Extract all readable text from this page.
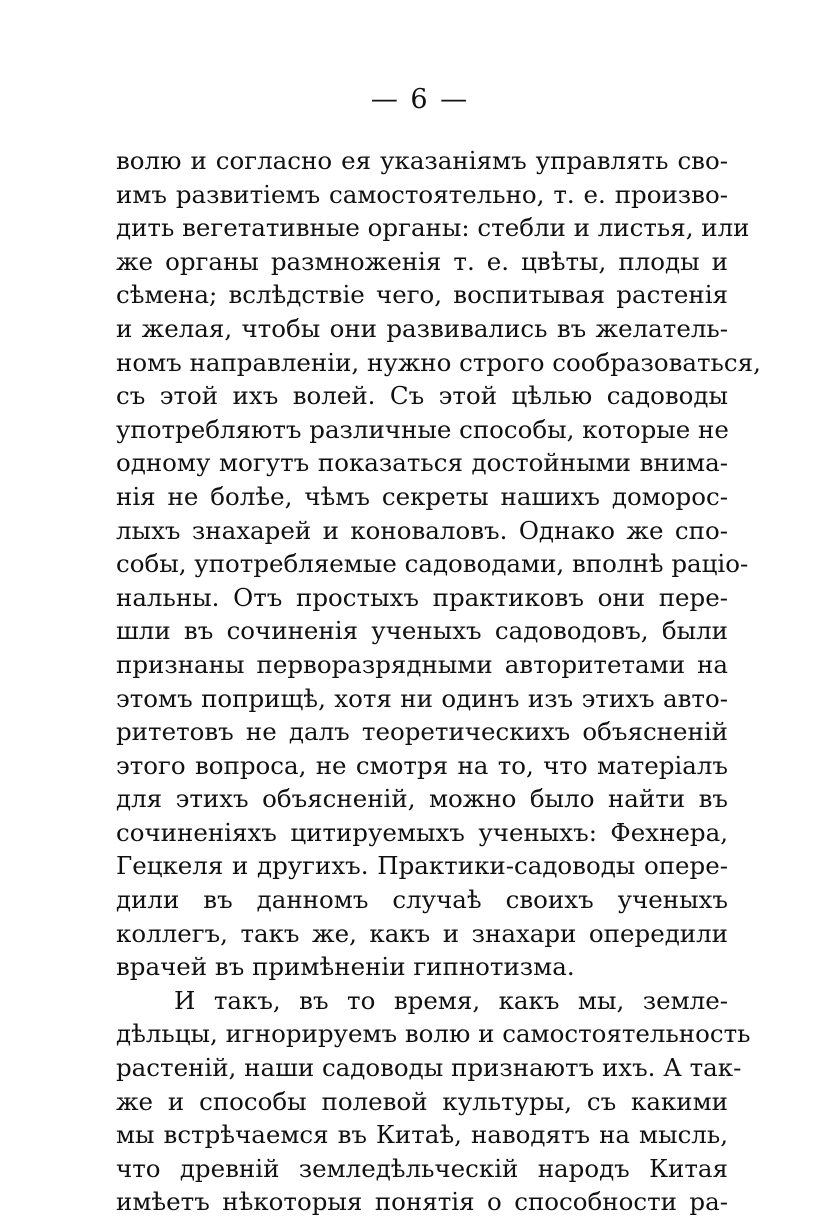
— 6 —
волю и согласно ея указаніямъ управлять сво-
имъ развитіемъ самостоятельно, т. е. произво-
дить вегетативные органы: стебли и листья, или
же органы размноженія т. е. цвѣты, плоды и
сѣмена; вслѣдствіе чего, воспитывая растенія
и желая, чтобы они развивались въ желатель-
номъ направленіи, нужно строго сообразоваться,
съ этой ихъ волей. Съ этой цѣлью садоводы
употребляютъ различные способы, которые не
одному могутъ показаться достойными внима-
нія не болѣе, чѣмъ секреты нашихъ доморос-
лыхъ знахарей и коноваловъ. Однако же спо-
собы, употребляемые садоводами, вполнѣ раціо-
нальны. Отъ простыхъ практиковъ они пере-
шли въ сочиненія ученыхъ садоводовъ, были
признаны перворазрядными авторитетами на
этомъ поприщѣ, хотя ни одинъ изъ этихъ авто-
ритетовъ не далъ теоретическихъ объясненій
этого вопроса, не смотря на то, что матеріалъ
для этихъ объясненій, можно было найти въ
сочиненіяхъ цитируемыхъ ученыхъ: Фехнера,
Гецкеля и другихъ. Практики-садоводы опере-
дили въ данномъ случаѣ своихъ ученыхъ
коллегъ, такъ же, какъ и знахари опередили
врачей въ примѣненіи гипнотизма.
И такъ, въ то время, какъ мы, земле-
дѣльцы, игнорируемъ волю и самостоятельность
растеній, наши садоводы признаютъ ихъ. А так-
же и способы полевой культуры, съ какими
мы встрѣчаемся въ Китаѣ, наводятъ на мысль,
что древній земледѣльческій народъ Китая
имѣетъ нѣкоторыя понятія о способности ра-
